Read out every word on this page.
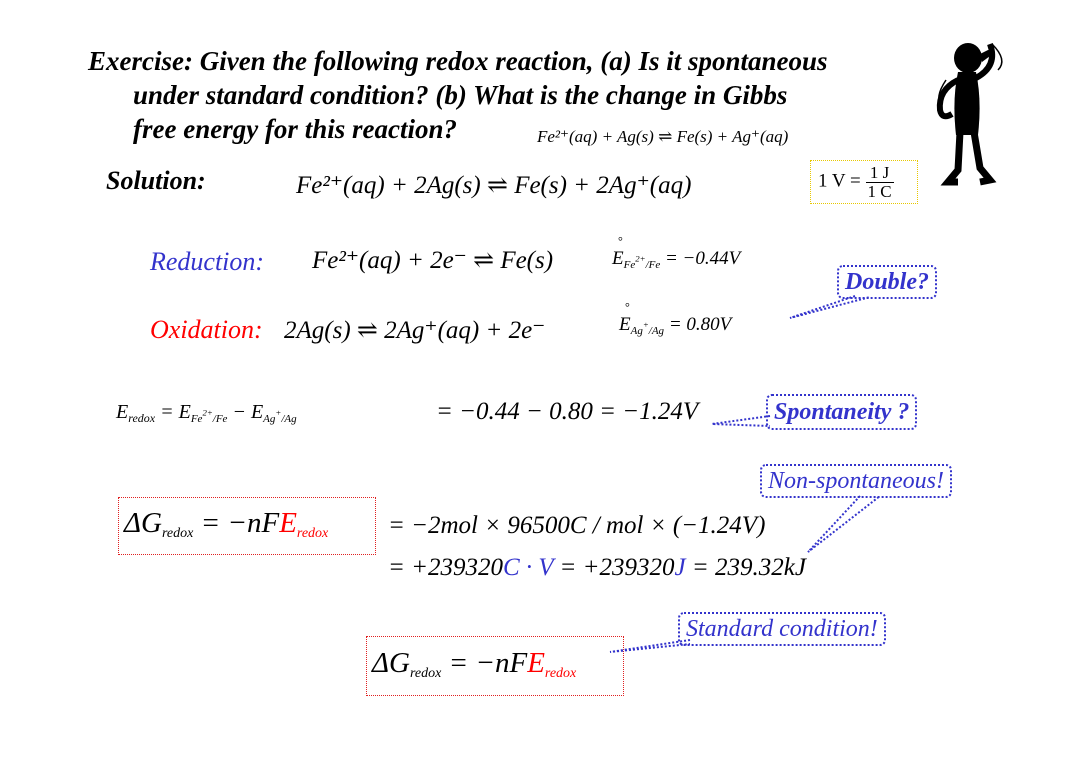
Exercise: Given the following redox reaction, (a) Is it spontaneous
under standard condition? (b) What is the change in Gibbs
free energy for this reaction?	Fe²⁺(aq) + Ag(s) ⇌ Fe(s) + Ag⁺(aq)
Solution:	Fe²⁺(aq) + 2Ag(s) ⇌ Fe(s) + 2Ag⁺(aq)	1 $V = \frac{1 J}{1 C}$
Reduction: Fe²⁺(aq) + 2e⁻ ⇌ Fe(s)	E
°
$_{Fe^{2+}/Fe}$ = −0.44V
Double?
Oxidation: 2Ag(s) ⇌ 2Ag⁺(aq) + 2e⁻	E
°
$_{Ag^+/Ag}$ = 0.80V
$E_{redox} = E_{Fe^{2+}/Fe} - E_{Ag^+/Ag}$	= −0.44 − 0.80 = −1.24V	Spontaneity ?
Non-spontaneous!
$\Delta G_{redox} = -nFE_{redox} = -2mol \times 96500C$ / mol × (−1.24V)
= +239320C · V = +239320J = 239.32kJ
Standard condition!
$\Delta G_{redox} = -nFE_{redox}$
